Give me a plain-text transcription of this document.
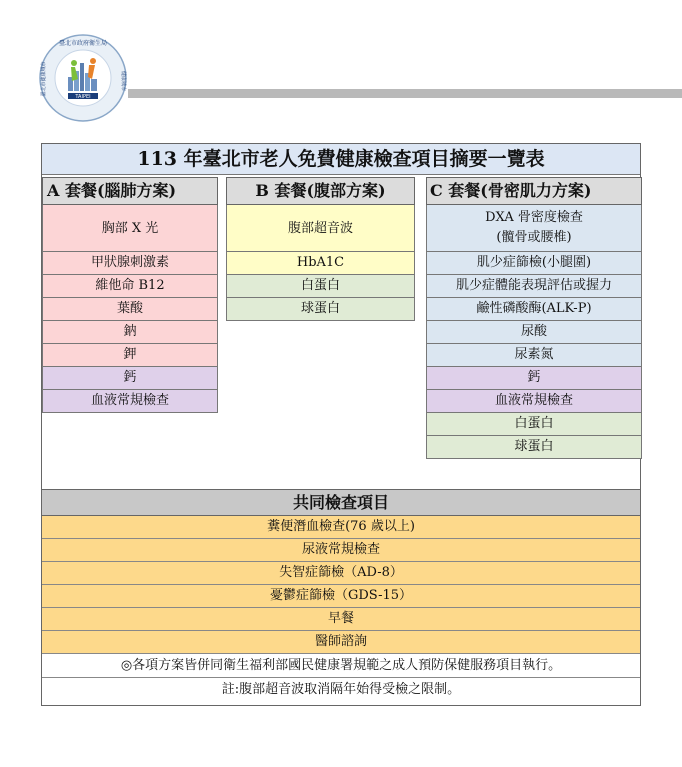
TAIPEI
臺北市政府衛生局
健康城市
臺北市健康城市
113 年臺北市老人免費健康檢查項目摘要一覽表
A 套餐(腦肺方案)
胸部 X 光
甲狀腺刺激素
維他命 B12
葉酸
鈉
鉀
鈣
血液常規檢查
B 套餐(腹部方案)
腹部超音波
HbA1C
白蛋白
球蛋白
C 套餐(骨密肌力方案)
DXA 骨密度檢查
(髖骨或腰椎)
肌少症篩檢(小腿圍)
肌少症體能表現評估或握力
鹼性磷酸酶(ALK-P)
尿酸
尿素氮
鈣
血液常規檢查
白蛋白
球蛋白
共同檢查項目
糞便潛血檢查(76 歲以上)
尿液常規檢查
失智症篩檢（AD-8）
憂鬱症篩檢（GDS-15）
早餐
醫師諮詢
◎各項方案皆併同衛生福利部國民健康署規範之成人預防保健服務項目執行。
註:腹部超音波取消隔年始得受檢之限制。
